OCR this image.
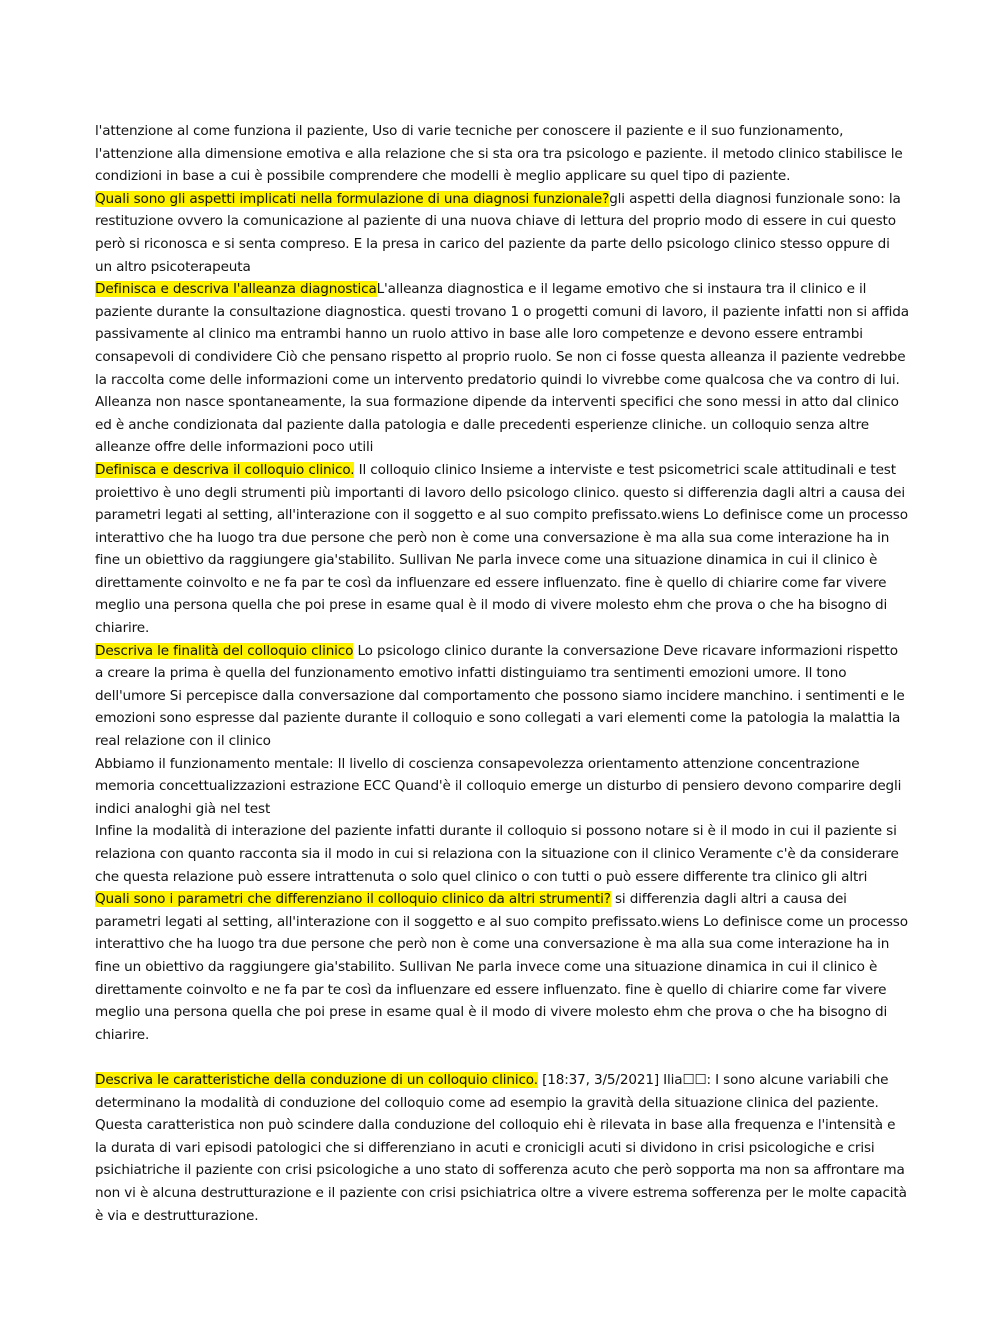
l'attenzione al come funziona il paziente, Uso di varie tecniche per conoscere il paziente e il suo funzionamento, l'attenzione alla dimensione emotiva e alla relazione che si sta ora tra psicologo e paziente. il metodo clinico stabilisce le condizioni in base a cui è possibile comprendere che modelli è meglio applicare su quel tipo di paziente.

Quali sono gli aspetti implicati nella formulazione di una diagnosi funzionale?gli aspetti della diagnosi funzionale sono: la restituzione ovvero la comunicazione al paziente di una nuova chiave di lettura del proprio modo di essere in cui questo però si riconosca e si senta compreso. E la presa in carico del paziente da parte dello psicologo clinico stesso oppure di un altro psicoterapeuta

Definisca e descriva l'alleanza diagnosticaL'alleanza diagnostica e il legame emotivo che si instaura tra il clinico e il paziente durante la consultazione diagnostica. questi trovano 1 o progetti comuni di lavoro, il paziente infatti non si affida passivamente al clinico ma entrambi hanno un ruolo attivo in base alle loro competenze e devono essere entrambi consapevoli di condividere Ciò che pensano rispetto al proprio ruolo. Se non ci fosse questa alleanza il paziente vedrebbe la raccolta come delle informazioni come un intervento predatorio quindi lo vivrebbe come qualcosa che va contro di lui. Alleanza non nasce spontaneamente, la sua formazione dipende da interventi specifici che sono messi in atto dal clinico ed è anche condizionata dal paziente dalla patologia e dalle precedenti esperienze cliniche. un colloquio senza altre alleanze offre delle informazioni poco utili

Definisca e descriva il colloquio clinico. Il colloquio clinico Insieme a interviste e test psicometrici scale attitudinali e test proiettivo è uno degli strumenti più importanti di lavoro dello psicologo clinico. questo si differenzia dagli altri a causa dei parametri legati al setting, all'interazione con il soggetto e al suo compito prefissato.wiens Lo definisce come un processo interattivo che ha luogo tra due persone che però non è come una conversazione è ma alla sua come interazione ha in fine un obiettivo da raggiungere gia'stabilito. Sullivan Ne parla invece come una situazione dinamica in cui il clinico è direttamente coinvolto e ne fa par te così da influenzare ed essere influenzato. fine è quello di chiarire come far vivere meglio una persona quella che poi prese in esame qual è il modo di vivere molesto ehm che prova o che ha bisogno di chiarire.

Descriva le finalità del colloquio clinico Lo psicologo clinico durante la conversazione Deve ricavare informazioni rispetto a creare la prima è quella del funzionamento emotivo infatti distinguiamo tra sentimenti emozioni umore. Il tono dell'umore Si percepisce dalla conversazione dal comportamento che possono siamo incidere manchino. i sentimenti e le emozioni sono espresse dal paziente durante il colloquio e sono collegati a vari elementi come la patologia la malattia la real relazione con il clinico

Abbiamo il funzionamento mentale: Il livello di coscienza consapevolezza orientamento attenzione concentrazione memoria concettualizzazioni estrazione ECC Quand'è il colloquio emerge un disturbo di pensiero devono comparire degli indici analoghi già nel test

Infine la modalità di interazione del paziente infatti durante il colloquio si possono notare si è il modo in cui il paziente si relaziona con quanto racconta sia il modo in cui si relaziona con la situazione con il clinico Veramente c'è da considerare che questa relazione può essere intrattenuta o solo quel clinico o con tutti o può essere differente tra clinico gli altri

Quali sono i parametri che differenziano il colloquio clinico da altri strumenti? si differenzia dagli altri a causa dei parametri legati al setting, all'interazione con il soggetto e al suo compito prefissato.wiens Lo definisce come un processo interattivo che ha luogo tra due persone che però non è come una conversazione è ma alla sua come interazione ha in fine un obiettivo da raggiungere gia'stabilito. Sullivan Ne parla invece come una situazione dinamica in cui il clinico è direttamente coinvolto e ne fa par te così da influenzare ed essere influenzato. fine è quello di chiarire come far vivere meglio una persona quella che poi prese in esame qual è il modo di vivere molesto ehm che prova o che ha bisogno di chiarire.

Descriva le caratteristiche della conduzione di un colloquio clinico. [18:37, 3/5/2021] Ilia☐☐: I sono alcune variabili che determinano la modalità di conduzione del colloquio come ad esempio la gravità della situazione clinica del paziente. Questa caratteristica non può scindere dalla conduzione del colloquio ehi è rilevata in base alla frequenza e l'intensità e la durata di vari episodi patologici che si differenziano in acuti e cronicigli acuti si dividono in crisi psicologiche e crisi psichiatriche il paziente con crisi psicologiche a uno stato di sofferenza acuto che però sopporta ma non sa affrontare ma non vi è alcuna destrutturazione e il paziente con crisi psichiatrica oltre a vivere estrema sofferenza per le molte capacità è via e destrutturazione.
